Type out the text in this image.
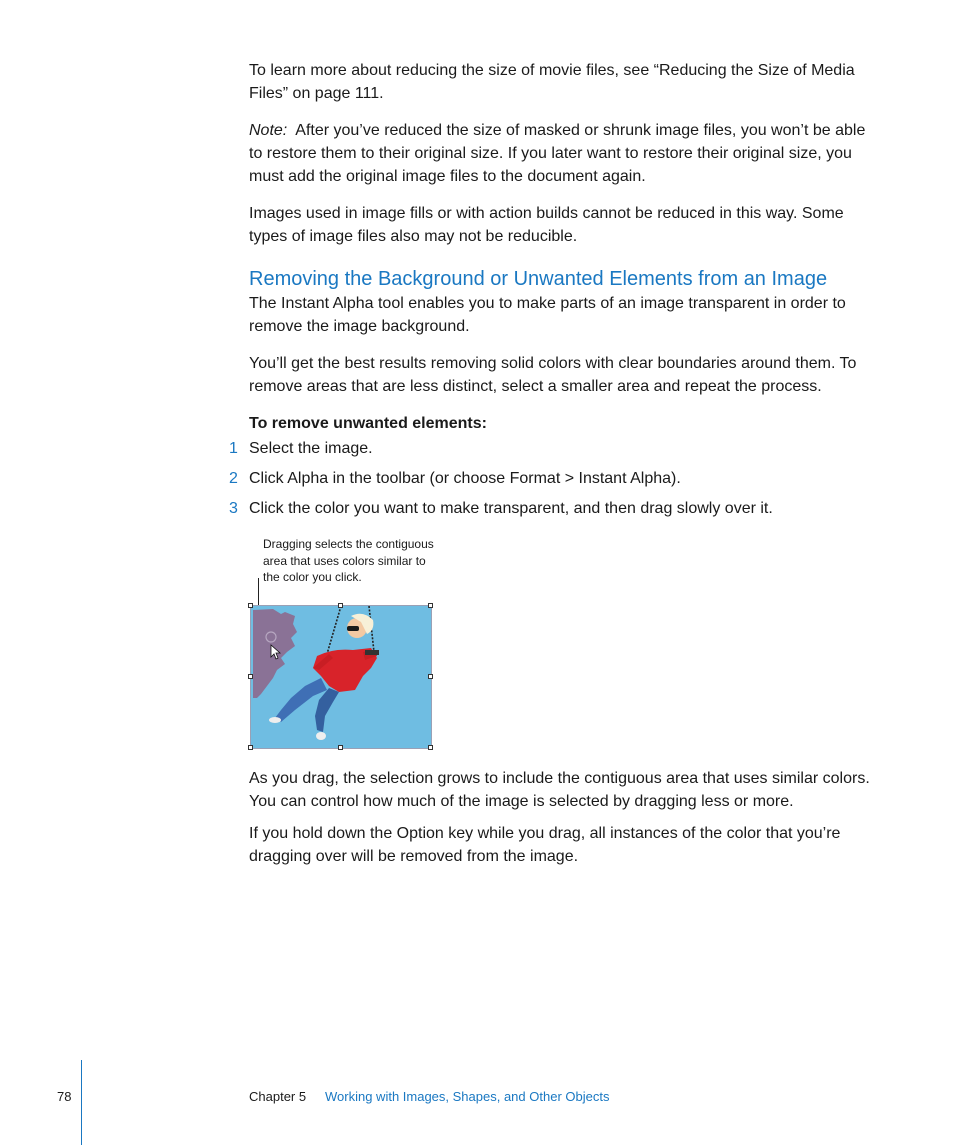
To learn more about reducing the size of movie files, see “Reducing the Size of Media Files” on page 111.

Note: After you’ve reduced the size of masked or shrunk image files, you won’t be able to restore them to their original size. If you later want to restore their original size, you must add the original image files to the document again.

Images used in image fills or with action builds cannot be reduced in this way. Some types of image files also may not be reducible.

Removing the Background or Unwanted Elements from an Image

The Instant Alpha tool enables you to make parts of an image transparent in order to remove the image background.

You’ll get the best results removing solid colors with clear boundaries around them. To remove areas that are less distinct, select a smaller area and repeat the process.

To remove unwanted elements:

1 Select the image.
2 Click Alpha in the toolbar (or choose Format > Instant Alpha).
3 Click the color you want to make transparent, and then drag slowly over it.

Dragging selects the contiguous area that uses colors similar to the color you click.

As you drag, the selection grows to include the contiguous area that uses similar colors. You can control how much of the image is selected by dragging less or more.

If you hold down the Option key while you drag, all instances of the color that you’re dragging over will be removed from the image.

78	Chapter 5 Working with Images, Shapes, and Other Objects
